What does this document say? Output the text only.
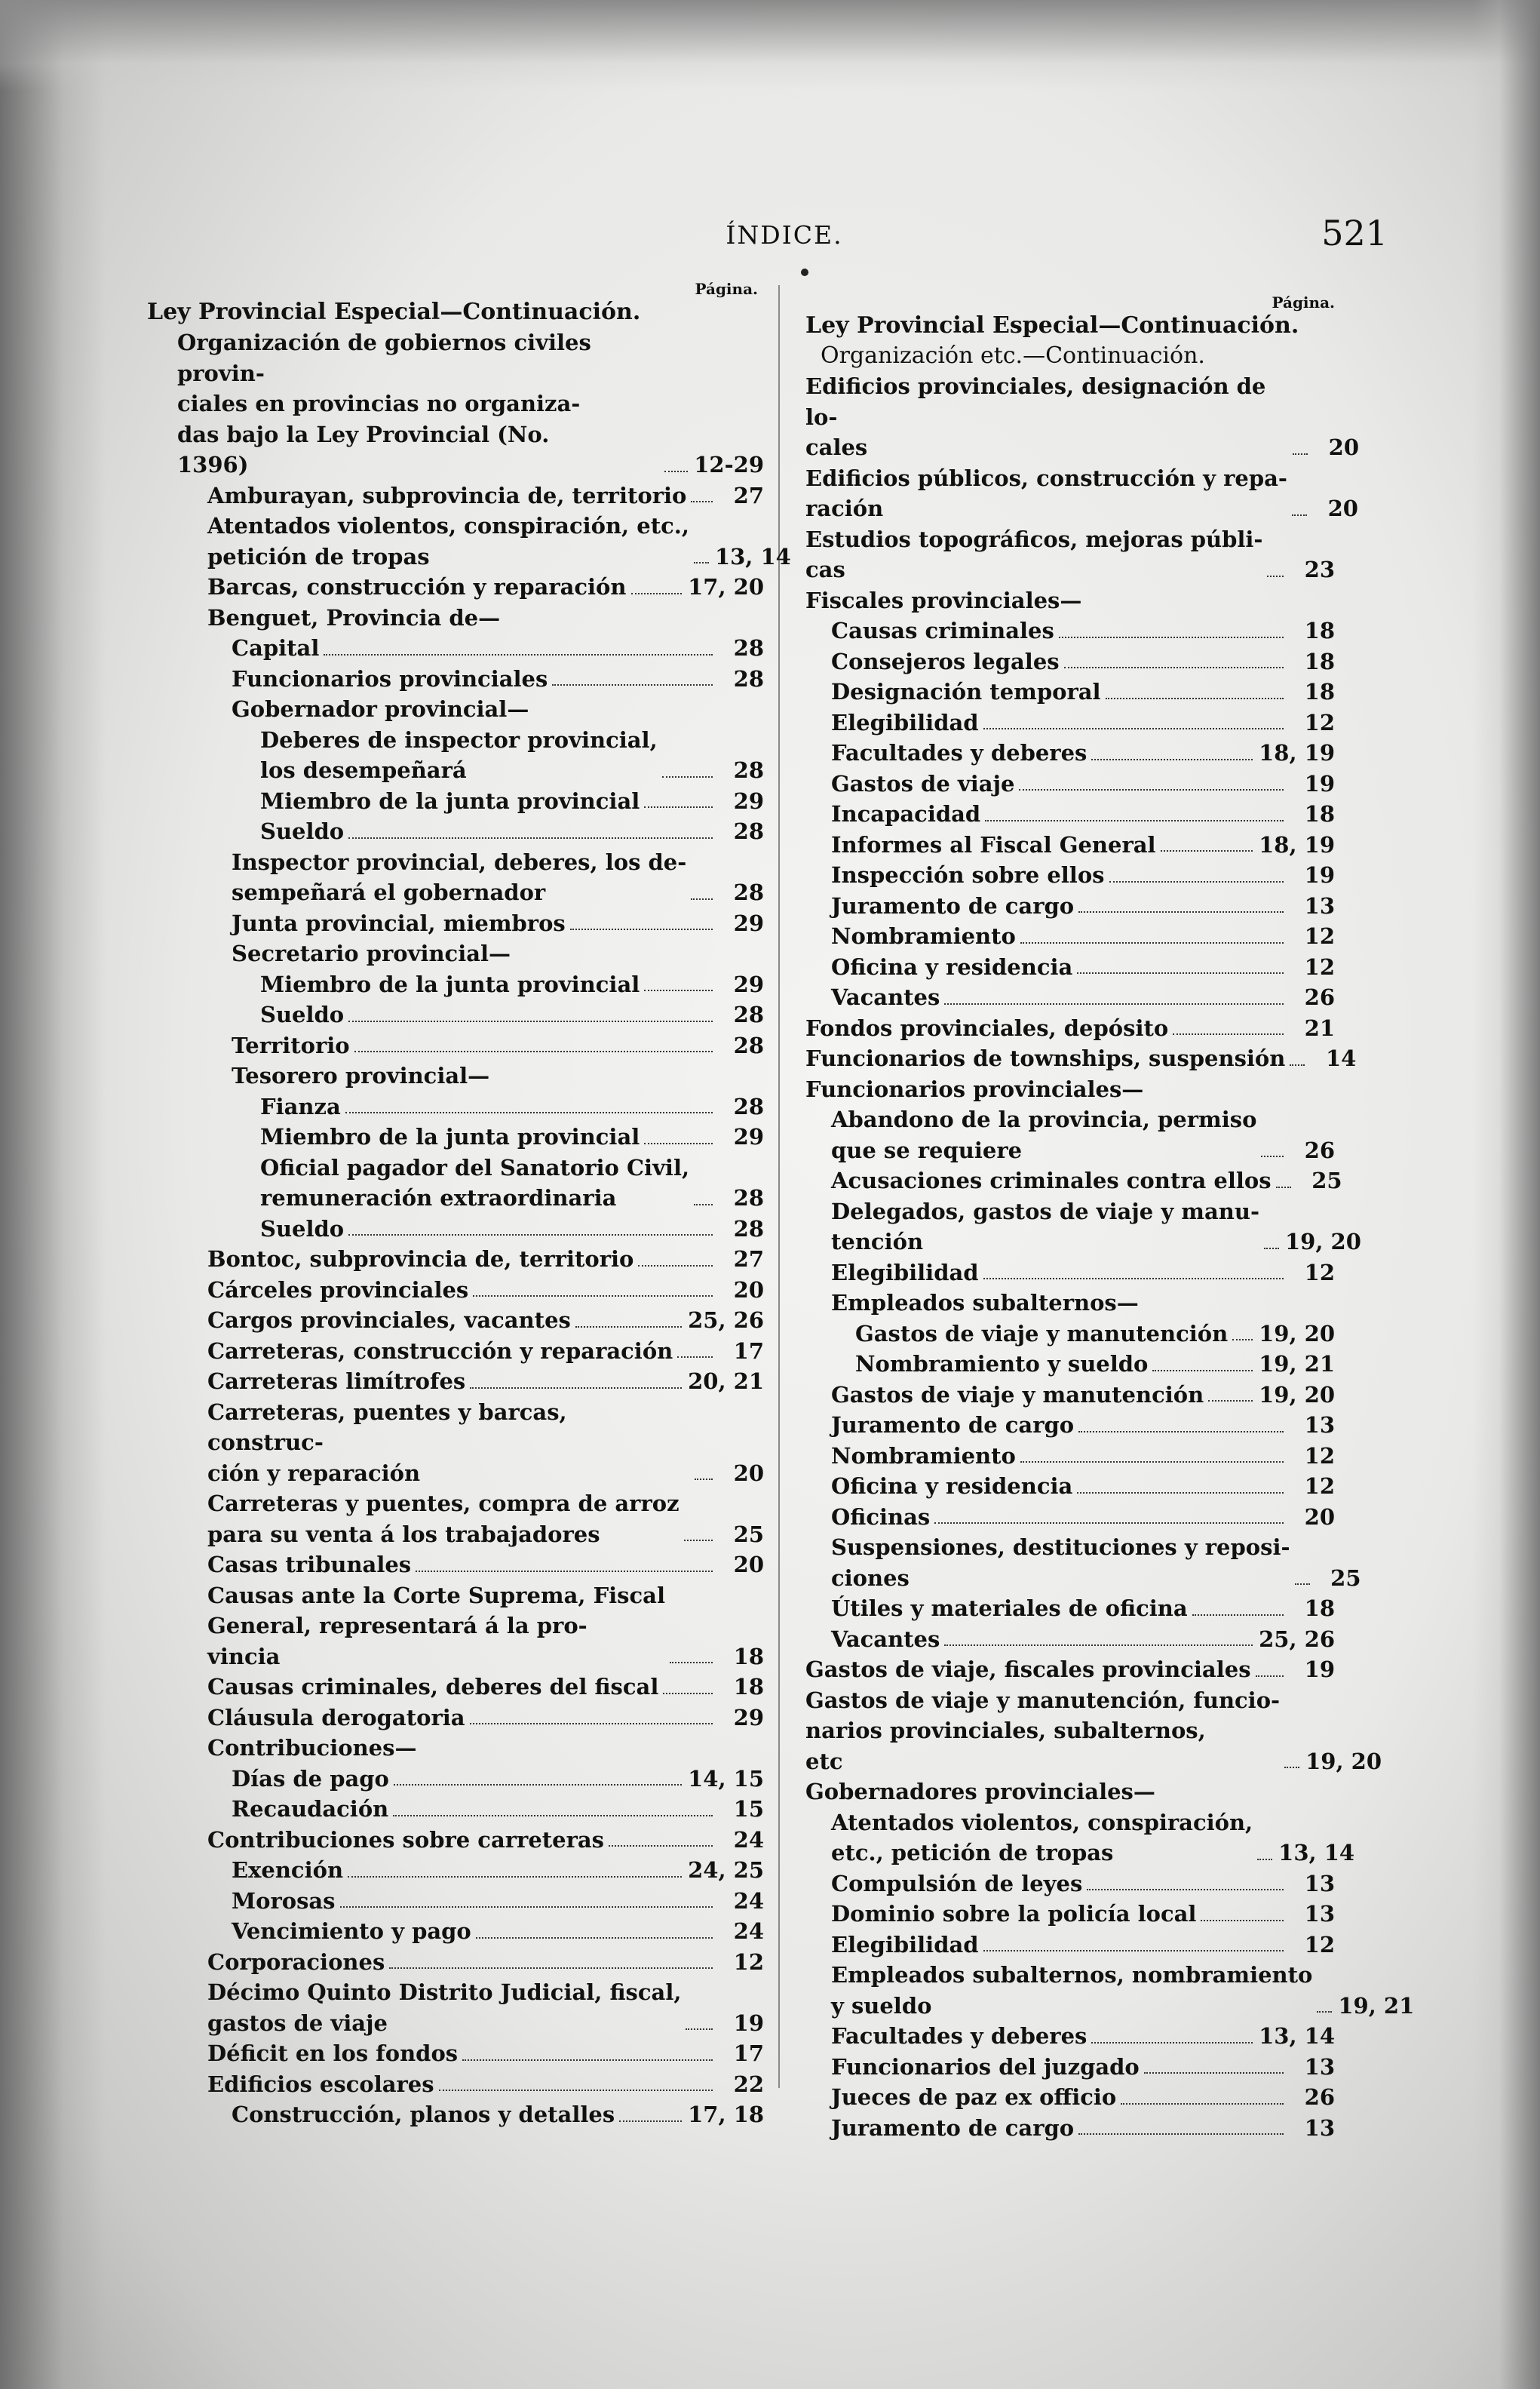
ÍNDICE.	521
Página.
Ley Provincial Especial—Continuación.
Organización de gobiernos civiles provin-
ciales en provincias no organiza-
das bajo la Ley Provincial (No.
1396)	12-29
Amburayan, subprovincia de, territorio	27
Atentados violentos, conspiración, etc.,
petición de tropas	13, 14
Barcas, construcción y reparación	17, 20
Benguet, Provincia de—
Capital	28
Funcionarios provinciales	28
Gobernador provincial—
Deberes de inspector provincial,
los desempeñará	28
Miembro de la junta provincial	29
Sueldo	28
Inspector provincial, deberes, los de-
sempeñará el gobernador	28
Junta provincial, miembros	29
Secretario provincial—
Miembro de la junta provincial	29
Sueldo	28
Territorio	28
Tesorero provincial—
Fianza	28
Miembro de la junta provincial	29
Oficial pagador del Sanatorio Civil,
remuneración extraordinaria	28
Sueldo	28
Bontoc, subprovincia de, territorio	27
Cárceles provinciales	20
Cargos provinciales, vacantes	25, 26
Carreteras, construcción y reparación	17
Carreteras limítrofes	20, 21
Carreteras, puentes y barcas, construc-
ción y reparación	20
Carreteras y puentes, compra de arroz
para su venta á los trabajadores	25
Casas tribunales	20
Causas ante la Corte Suprema, Fiscal
General, representará á la pro-
vincia	18
Causas criminales, deberes del fiscal	18
Cláusula derogatoria	29
Contribuciones—
Días de pago	14, 15
Recaudación	15
Contribuciones sobre carreteras	24
Exención	24, 25
Morosas	24
Vencimiento y pago	24
Corporaciones	12
Décimo Quinto Distrito Judicial, fiscal,
gastos de viaje	19
Déficit en los fondos	17
Edificios escolares	22
Construcción, planos y detalles	17, 18
Página.
Ley Provincial Especial—Continuación.
Organización etc.—Continuación.
Edificios provinciales, designación de lo-
cales	20
Edificios públicos, construcción y repa-
ración	20
Estudios topográficos, mejoras públi-
cas	23
Fiscales provinciales—
Causas criminales	18
Consejeros legales	18
Designación temporal	18
Elegibilidad	12
Facultades y deberes	18, 19
Gastos de viaje	19
Incapacidad	18
Informes al Fiscal General	18, 19
Inspección sobre ellos	19
Juramento de cargo	13
Nombramiento	12
Oficina y residencia	12
Vacantes	26
Fondos provinciales, depósito	21
Funcionarios de townships, suspensión	14
Funcionarios provinciales—
Abandono de la provincia, permiso
que se requiere	26
Acusaciones criminales contra ellos	25
Delegados, gastos de viaje y manu-
tención	19, 20
Elegibilidad	12
Empleados subalternos—
Gastos de viaje y manutención 19, 20
Nombramiento y sueldo	19, 21
Gastos de viaje y manutención	19, 20
Juramento de cargo	13
Nombramiento	12
Oficina y residencia	12
Oficinas	20
Suspensiones, destituciones y reposi-
ciones	25
Útiles y materiales de oficina	18
Vacantes	25, 26
Gastos de viaje, fiscales provinciales	19
Gastos de viaje y manutención, funcio-
narios provinciales, subalternos,
etc	19, 20
Gobernadores provinciales—
Atentados violentos, conspiración,
etc., petición de tropas	13, 14
Compulsión de leyes	13
Dominio sobre la policía local	13
Elegibilidad	12
Empleados subalternos, nombramiento
y sueldo	19, 21
Facultades y deberes	13, 14
Funcionarios del juzgado	13
Jueces de paz ex officio	26
Juramento de cargo	13
